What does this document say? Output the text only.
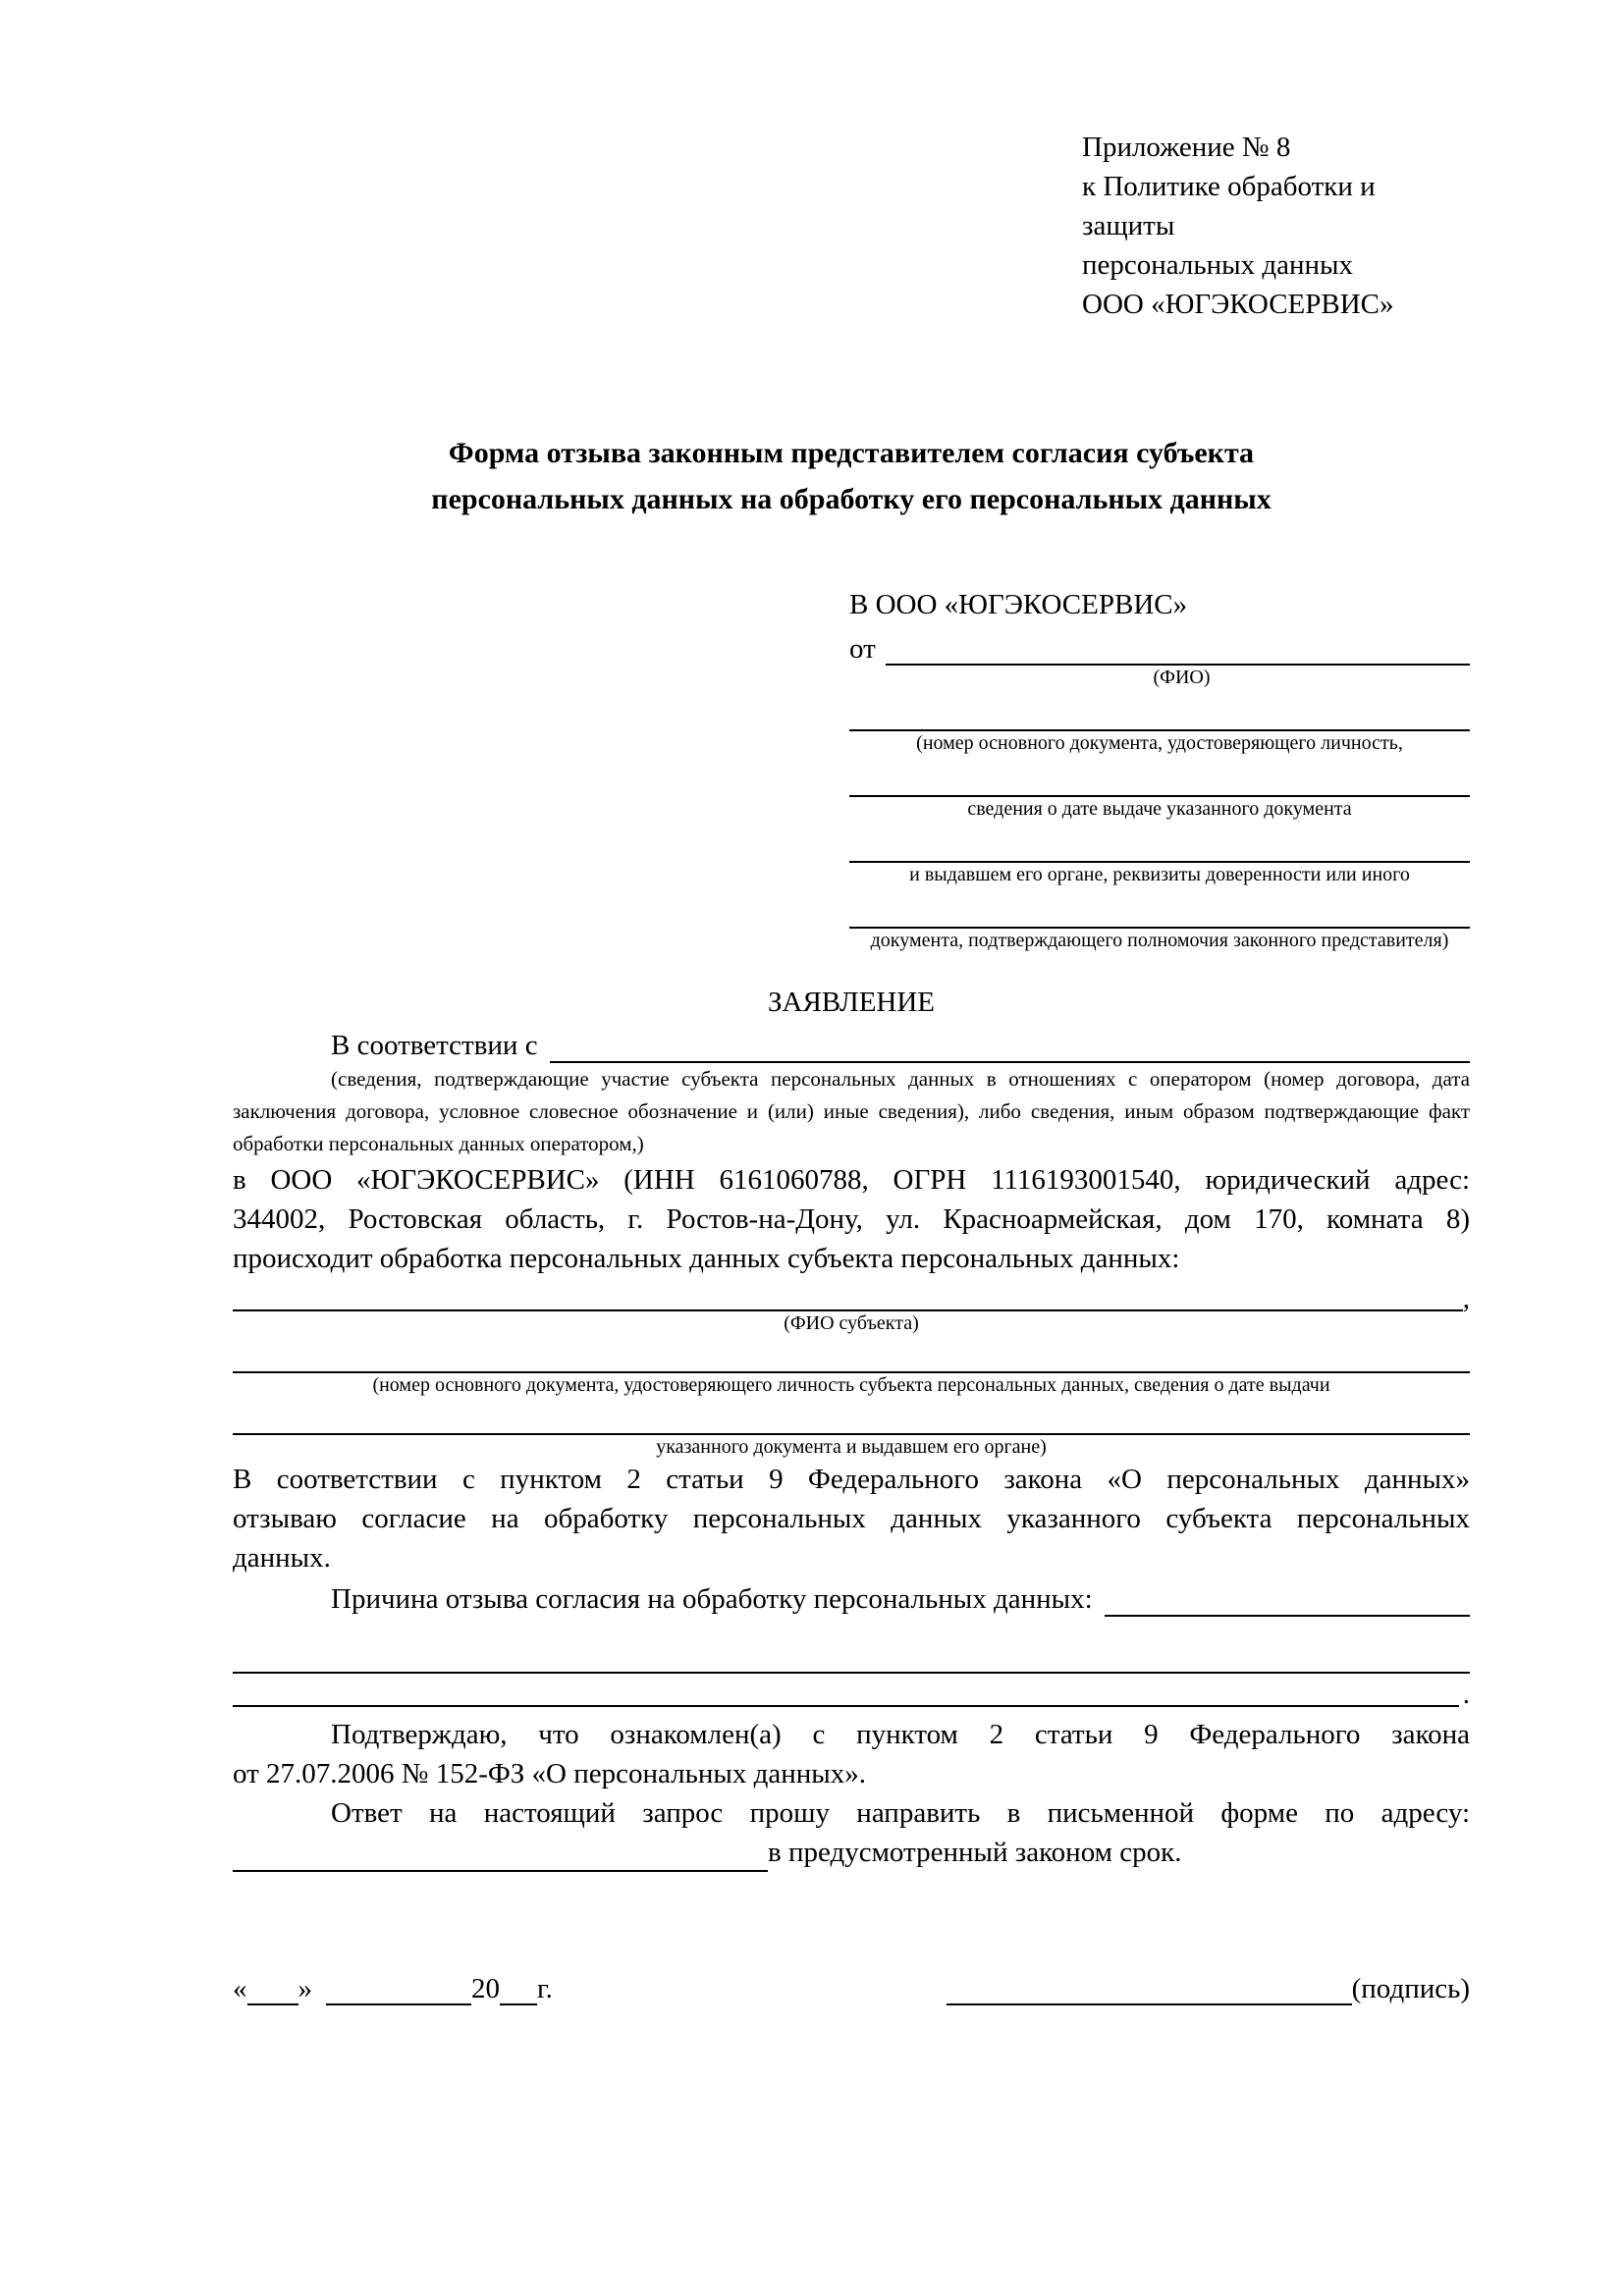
Приложение № 8
к Политике обработки и защиты
персональных данных
ООО «ЮГЭКОСЕРВИС»
Форма отзыва законным представителем согласия субъекта
персональных данных на обработку его персональных данных
В ООО «ЮГЭКОСЕРВИС»
от
(ФИО)
(номер основного документа, удостоверяющего личность,
сведения о дате выдаче указанного документа
и выдавшем его органе, реквизиты доверенности или иного
документа, подтверждающего полномочия законного представителя)
ЗАЯВЛЕНИЕ
В соответствии с
(сведения, подтверждающие участие субъекта персональных данных в отношениях с оператором (номер договора, дата
заключения договора, условное словесное обозначение и (или) иные сведения), либо сведения, иным образом подтверждающие факт
обработки персональных данных оператором,)
в ООО «ЮГЭКОСЕРВИС» (ИНН 6161060788, ОГРН 1116193001540, юридический адрес:
344002, Ростовская область, г. Ростов-на-Дону, ул. Красноармейская, дом 170, комната 8)
происходит обработка персональных данных субъекта персональных данных:
,
(ФИО субъекта)
(номер основного документа, удостоверяющего личность субъекта персональных данных, сведения о дате выдачи
указанного документа и выдавшем его органе)
В соответствии с пунктом 2 статьи 9 Федерального закона «О персональных данных»
отзываю согласие на обработку персональных данных указанного субъекта персональных
данных.
Причина отзыва согласия на обработку персональных данных:
.
Подтверждаю, что ознакомлен(а) с пунктом 2 статьи 9 Федерального закона
от 27.07.2006 № 152-ФЗ «О персональных данных».
Ответ на настоящий запрос прошу направить в письменной форме по адресу:
в предусмотренный законом срок.
« »	20 г.	(подпись)
